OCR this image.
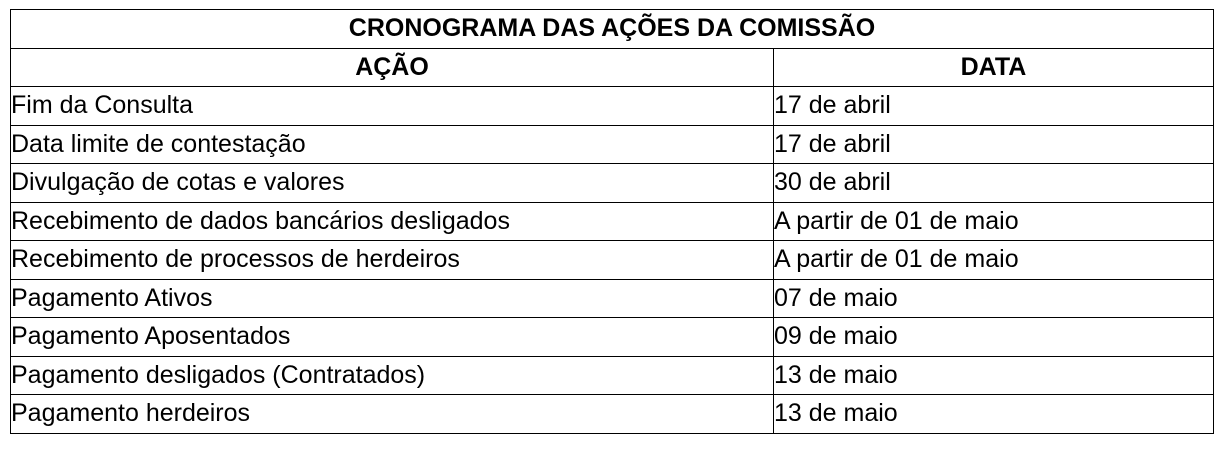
CRONOGRAMA DAS AÇÕES DA COMISSÃO	
AÇÃO	DATA
Fim da Consulta	17 de abril
Data limite de contestação	17 de abril
Divulgação de cotas e valores	30 de abril
Recebimento de dados bancários desligados	A partir de 01 de maio
Recebimento de processos de herdeiros	A partir de 01 de maio
Pagamento Ativos	07 de maio
Pagamento Aposentados	09 de maio
Pagamento desligados (Contratados)	13 de maio
Pagamento herdeiros	13 de maio
